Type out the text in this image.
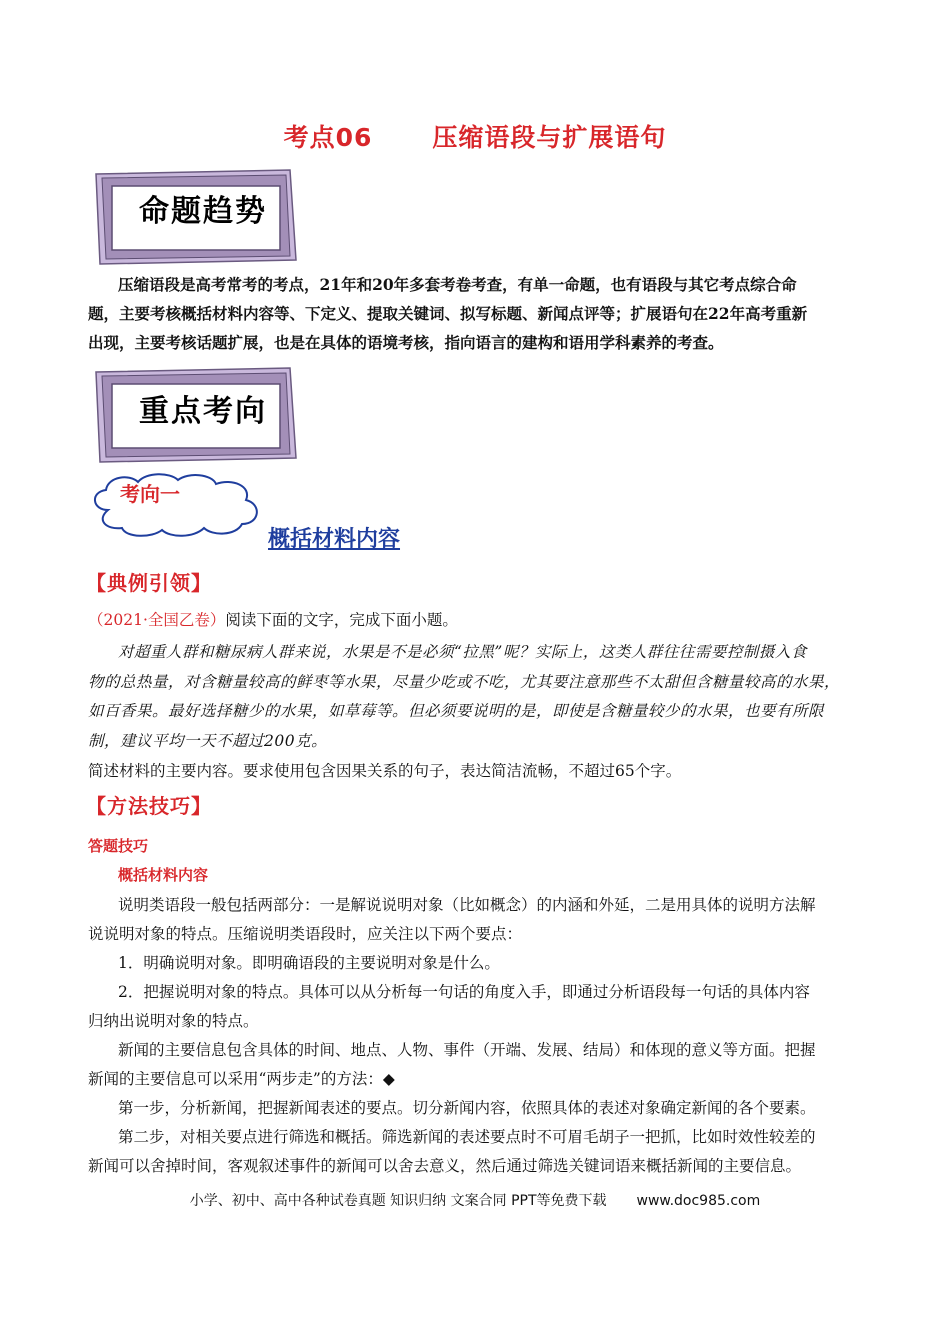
考点06 压缩语段与扩展语句
命题趋势
压缩语段是高考常考的考点，21年和20年多套考卷考查，有单一命题，也有语段与其它考点综合命
题，主要考核概括材料内容等、下定义、提取关键词、拟写标题、新闻点评等；扩展语句在22年高考重新
出现，主要考核话题扩展，也是在具体的语境考核，指向语言的建构和语用学科素养的考查。
重点考向
考向一
概括材料内容
【典例引领】
（2021·全国乙卷）阅读下面的文字，完成下面小题。
对超重人群和糖尿病人群来说，水果是不是必须“拉黑”呢？实际上，这类人群往往需要控制摄入食
物的总热量，对含糖量较高的鲜枣等水果，尽量少吃或不吃，尤其要注意那些不太甜但含糖量较高的水果，
如百香果。最好选择糖少的水果，如草莓等。但必须要说明的是，即使是含糖量较少的水果，也要有所限
制，建议平均一天不超过200克。
简述材料的主要内容。要求使用包含因果关系的句子，表达简洁流畅，不超过65个字。
【方法技巧】
答题技巧
概括材料内容
说明类语段一般包括两部分：一是解说说明对象（比如概念）的内涵和外延，二是用具体的说明方法解
说说明对象的特点。压缩说明类语段时，应关注以下两个要点：
1．明确说明对象。即明确语段的主要说明对象是什么。
2．把握说明对象的特点。具体可以从分析每一句话的角度入手，即通过分析语段每一句话的具体内容
归纳出说明对象的特点。
新闻的主要信息包含具体的时间、地点、人物、事件（开端、发展、结局）和体现的意义等方面。把握
新闻的主要信息可以采用“两步走”的方法：◆
第一步，分析新闻，把握新闻表述的要点。切分新闻内容，依照具体的表述对象确定新闻的各个要素。
第二步，对相关要点进行筛选和概括。筛选新闻的表述要点时不可眉毛胡子一把抓，比如时效性较差的
新闻可以舍掉时间，客观叙述事件的新闻可以舍去意义，然后通过筛选关键词语来概括新闻的主要信息。
小学、初中、高中各种试卷真题 知识归纳 文案合同 PPT等免费下载 www.doc985.com
